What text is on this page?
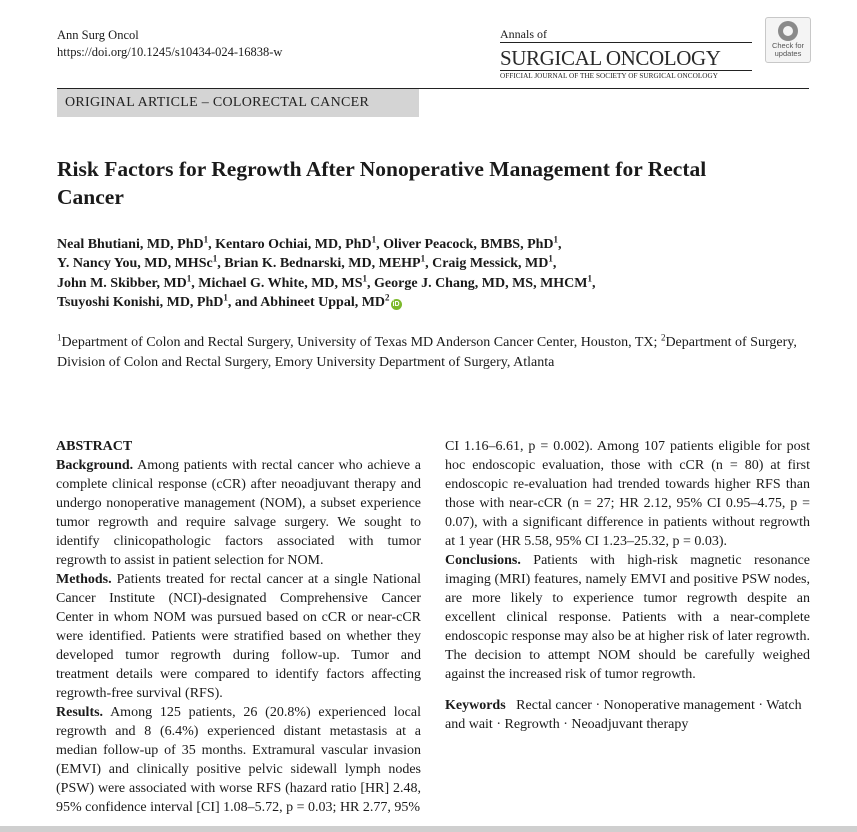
Ann Surg Oncol
https://doi.org/10.1245/s10434-024-16838-w
Annals of
SURGICAL ONCOLOGY
OFFICIAL JOURNAL OF THE SOCIETY OF SURGICAL ONCOLOGY
Check for
updates
ORIGINAL ARTICLE – COLORECTAL CANCER
Risk Factors for Regrowth After Nonoperative Management for Rectal Cancer
Neal Bhutiani, MD, PhD$^1$, Kentaro Ochiai, MD, PhD$^1$, Oliver Peacock, BMBS, PhD$^1$,
Y. Nancy You, MD, MHSc$^1$, Brian K. Bednarski, MD, MEHP$^1$, Craig Messick, $MD^1$,
John M. Skibber, $MD^1$, Michael G. White, MD, $MS^1$, George J. Chang, MD, MS, MHCM$^1$,
Tsuyoshi Konishi, MD, PhD$^1$, and Abhineet Uppal, $MD^2iD$
$^1$Department of Colon and Rectal Surgery, University of Texas MD Anderson Cancer Center, Houston, TX; $^2$Department of Surgery, Division of Colon and Rectal Surgery, Emory University Department of Surgery, Atlanta

ABSTRACT

Background. Among patients with rectal cancer who achieve a complete clinical response (cCR) after neoadjuvant therapy and undergo nonoperative management (NOM), a subset experience tumor regrowth and require salvage surgery. We sought to identify clinicopathologic factors associated with tumor regrowth to assist in patient selection for NOM.

Methods. Patients treated for rectal cancer at a single National Cancer Institute (NCI)-designated Comprehensive Cancer Center in whom NOM was pursued based on cCR or near-cCR were identified. Patients were stratified based on whether they developed tumor regrowth during follow-up. Tumor and treatment details were compared to identify factors affecting regrowth-free survival (RFS).

Results. Among 125 patients, 26 (20.8%) experienced local regrowth and 8 (6.4%) experienced distant metastasis at a median follow-up of 35 months. Extramural vascular invasion (EMVI) and clinically positive pelvic sidewall lymph nodes (PSW) were associated with worse RFS (hazard ratio [HR] 2.48, 95% confidence interval [CI] 1.08–5.72, p = 0.03; HR 2.77, 95%

CI 1.16–6.61, p = 0.002). Among 107 patients eligible for post hoc endoscopic evaluation, those with cCR (n = 80) at first endoscopic re-evaluation had trended towards higher RFS than those with near-cCR (n = 27; HR 2.12, 95% CI 0.95–4.75, p = 0.07), with a significant difference in patients without regrowth at 1 year (HR 5.58, 95% CI 1.23–25.32, p = 0.03).

Conclusions. Patients with high-risk magnetic resonance imaging (MRI) features, namely EMVI and positive PSW nodes, are more likely to experience tumor regrowth despite an excellent clinical response. Patients with a near-complete endoscopic response may also be at higher risk of later regrowth. The decision to attempt NOM should be carefully weighed against the increased risk of tumor regrowth.

Keywords Rectal cancer · Nonoperative management · Watch and wait · Regrowth · Neoadjuvant therapy
